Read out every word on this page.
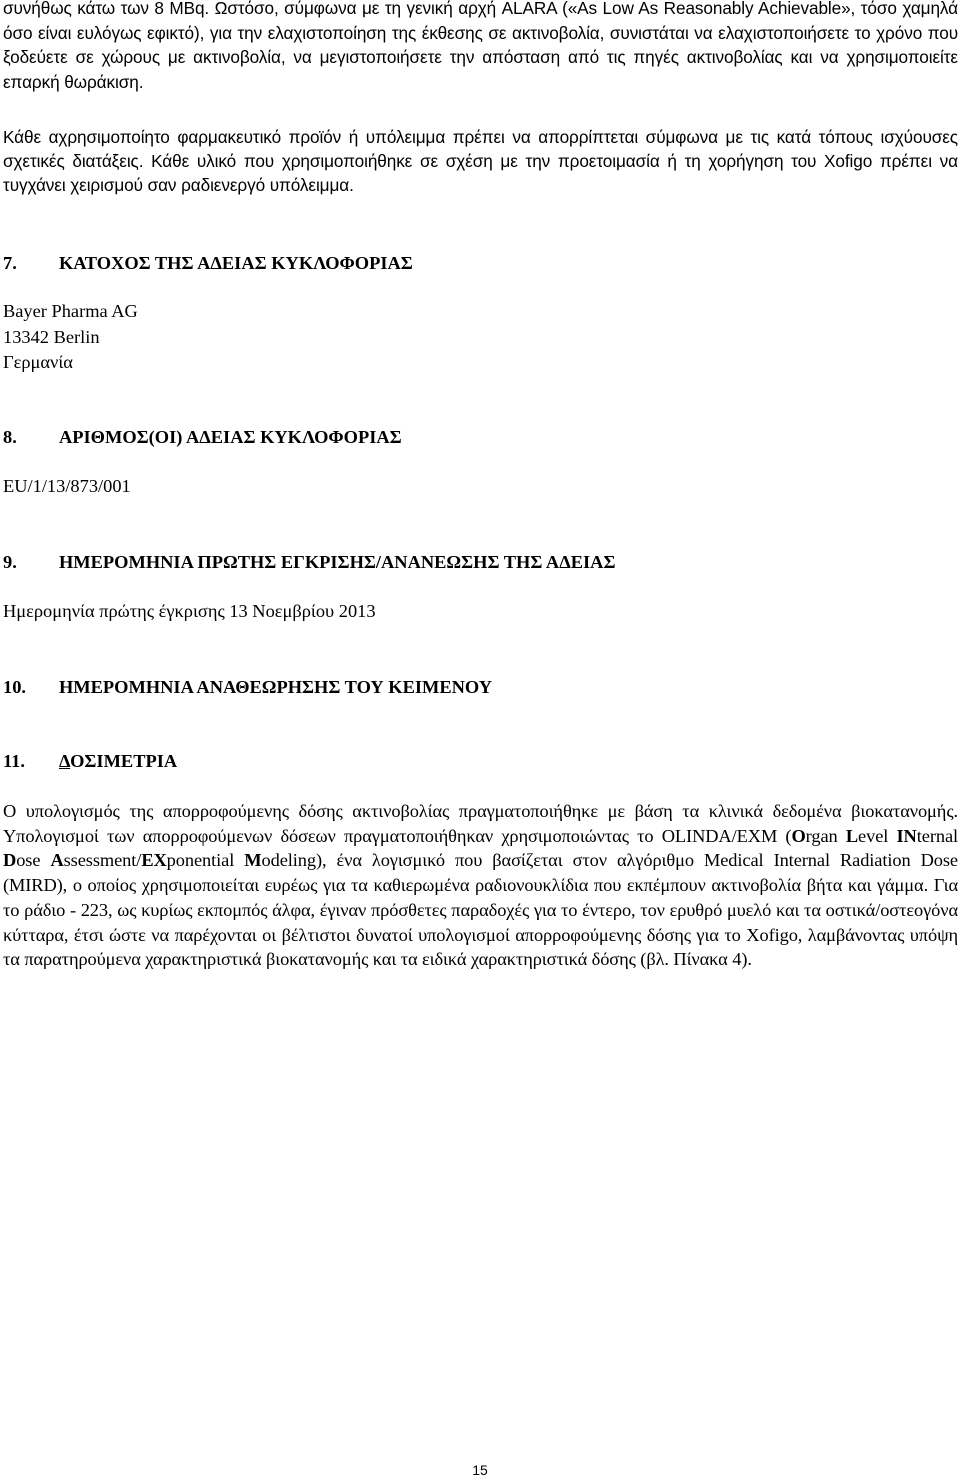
συνήθως κάτω των 8 MBq. Ωστόσο, σύμφωνα με τη γενική αρχή ALARA («As Low As Reasonably Achievable», τόσο χαμηλά όσο είναι ευλόγως εφικτό), για την ελαχιστοποίηση της έκθεσης σε ακτινοβολία, συνιστάται να ελαχιστοποιήσετε το χρόνο που ξοδεύετε σε χώρους με ακτινοβολία, να μεγιστοποιήσετε την απόσταση από τις πηγές ακτινοβολίας και να χρησιμοποιείτε επαρκή θωράκιση.

Κάθε αχρησιμοποίητο φαρμακευτικό προϊόν ή υπόλειμμα πρέπει να απορρίπτεται σύμφωνα με τις κατά τόπους ισχύουσες σχετικές διατάξεις. Κάθε υλικό που χρησιμοποιήθηκε σε σχέση με την προετοιμασία ή τη χορήγηση του Xofigo πρέπει να τυγχάνει χειρισμού σαν ραδιενεργό υπόλειμμα.

7.	ΚΑΤΟΧΟΣ ΤΗΣ ΑΔΕΙΑΣ ΚΥΚΛΟΦΟΡΙΑΣ

Bayer Pharma AG

13342 Berlin

Γερμανία

8.	ΑΡΙΘΜΟΣ(ΟΙ) ΑΔΕΙΑΣ ΚΥΚΛΟΦΟΡΙΑΣ

EU/1/13/873/001

9.	ΗΜΕΡΟΜΗΝΙΑ ΠΡΩΤΗΣ ΕΓΚΡΙΣΗΣ/ΑΝΑΝΕΩΣΗΣ ΤΗΣ ΑΔΕΙΑΣ

Ημερομηνία πρώτης έγκρισης 13 Νοεμβρίου 2013

10.	ΗΜΕΡΟΜΗΝΙΑ ΑΝΑΘΕΩΡΗΣΗΣ ΤΟΥ ΚΕΙΜΕΝΟΥ
11.	ΔΟΣΙΜΕΤΡΙΑ

Ο υπολογισμός της απορροφούμενης δόσης ακτινοβολίας πραγματοποιήθηκε με βάση τα κλινικά δεδομένα βιοκατανομής. Υπολογισμοί των απορροφούμενων δόσεων πραγματοποιήθηκαν χρησιμοποιώντας το OLINDA/EXM (Organ Level INternal Dose Assessment/EXponential Modeling), ένα λογισμικό που βασίζεται στον αλγόριθμο Medical Internal Radiation Dose (MIRD), ο οποίος χρησιμοποιείται ευρέως για τα καθιερωμένα ραδιονουκλίδια που εκπέμπουν ακτινοβολία βήτα και γάμμα. Για το ράδιο - 223, ως κυρίως εκπομπός άλφα, έγιναν πρόσθετες παραδοχές για το έντερο, τον ερυθρό μυελό και τα οστικά/οστεογόνα κύτταρα, έτσι ώστε να παρέχονται οι βέλτιστοι δυνατοί υπολογισμοί απορροφούμενης δόσης για το Xofigo, λαμβάνοντας υπόψη τα παρατηρούμενα χαρακτηριστικά βιοκατανομής και τα ειδικά χαρακτηριστικά δόσης (βλ. Πίνακα 4).

15
